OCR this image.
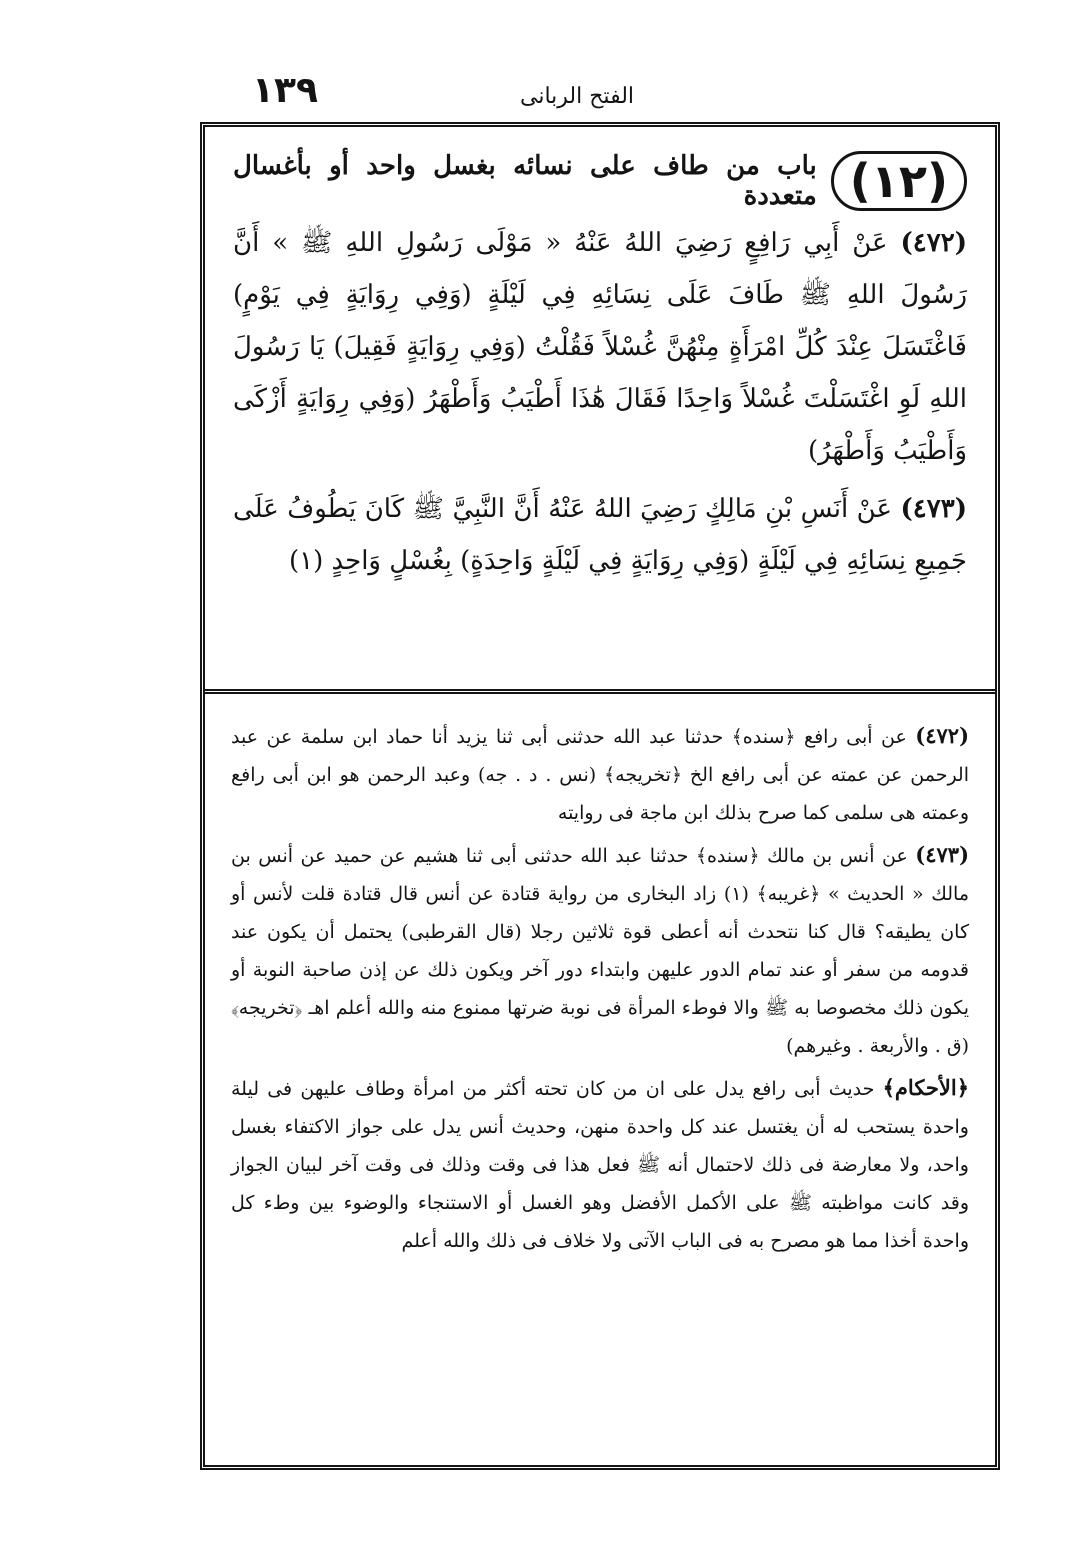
١٣٩	الفتح الربانى
(١٢)
باب من طاف على نسائه بغسل واحد أو بأغسال متعددة

(٤٧٢) عَنْ أَبِي رَافِعٍ رَضِيَ اللهُ عَنْهُ « مَوْلَى رَسُولِ اللهِ ﷺ » أَنَّ رَسُولَ اللهِ ﷺ طَافَ عَلَى نِسَائِهِ فِي لَيْلَةٍ (وَفِي رِوَايَةٍ فِي يَوْمٍ) فَاغْتَسَلَ عِنْدَ كُلِّ امْرَأَةٍ مِنْهُنَّ غُسْلاً فَقُلْتُ (وَفِي رِوَايَةٍ فَقِيلَ) يَا رَسُولَ اللهِ لَوِ اغْتَسَلْتَ غُسْلاً وَاحِدًا فَقَالَ هَٰذَا أَطْيَبُ وَأَطْهَرُ (وَفِي رِوَايَةٍ أَزْكَى وَأَطْيَبُ وَأَطْهَرُ)

(٤٧٣) عَنْ أَنَسِ بْنِ مَالِكٍ رَضِيَ اللهُ عَنْهُ أَنَّ النَّبِيَّ ﷺ كَانَ يَطُوفُ عَلَى جَمِيعِ نِسَائِهِ فِي لَيْلَةٍ (وَفِي رِوَايَةٍ فِي لَيْلَةٍ وَاحِدَةٍ) بِغُسْلٍ وَاحِدٍ (١)

(٤٧٢) عن أبى رافع ﴿سنده﴾ حدثنا عبد الله حدثنى أبى ثنا يزيد أنا حماد ابن سلمة عن عبد الرحمن عن عمته عن أبى رافع الخ ﴿تخريجه﴾ (نس . د . جه) وعبد الرحمن هو ابن أبى رافع وعمته هى سلمى كما صرح بذلك ابن ماجة فى روايته

(٤٧٣) عن أنس بن مالك ﴿سنده﴾ حدثنا عبد الله حدثنى أبى ثنا هشيم عن حميد عن أنس بن مالك « الحديث » ﴿غريبه﴾ (١) زاد البخارى من رواية قتادة عن أنس قال قتادة قلت لأنس أو كان يطيقه؟ قال كنا نتحدث أنه أعطى قوة ثلاثين رجلا (قال القرطبى) يحتمل أن يكون عند قدومه من سفر أو عند تمام الدور عليهن وابتداء دور آخر ويكون ذلك عن إذن صاحبة النوبة أو يكون ذلك مخصوصا به ﷺ والا فوطء المرأة فى نوبة ضرتها ممنوع منه والله أعلم اهـ ﴿تخريجه﴾ (ق . والأربعة . وغيرهم)

﴿الأحكام﴾ حديث أبى رافع يدل على ان من كان تحته أكثر من امرأة وطاف عليهن فى ليلة واحدة يستحب له أن يغتسل عند كل واحدة منهن، وحديث أنس يدل على جواز الاكتفاء بغسل واحد، ولا معارضة فى ذلك لاحتمال أنه ﷺ فعل هذا فى وقت وذلك فى وقت آخر لبيان الجواز وقد كانت مواظبته ﷺ على الأكمل الأفضل وهو الغسل أو الاستنجاء والوضوء بين وطء كل واحدة أخذا مما هو مصرح به فى الباب الآتى ولا خلاف فى ذلك والله أعلم
